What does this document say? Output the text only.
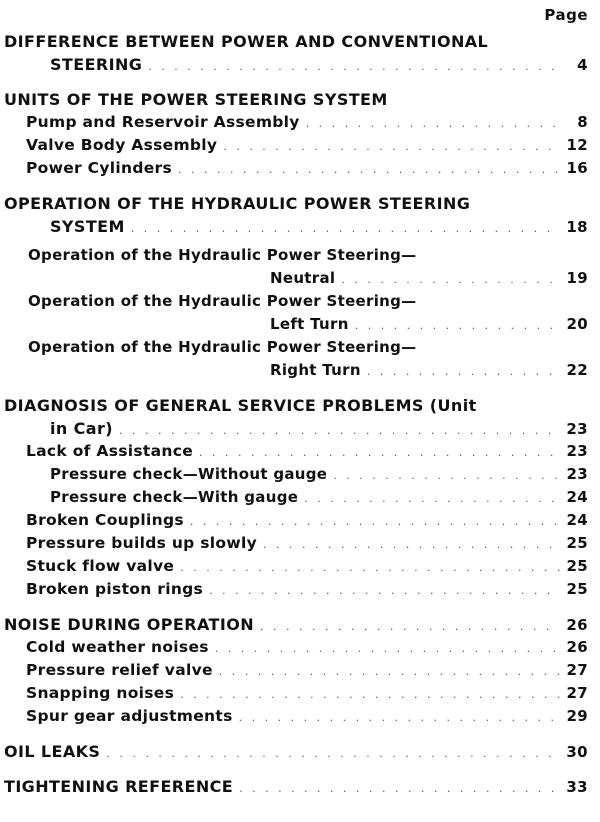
Page
DIFFERENCE BETWEEN POWER AND CONVENTIONAL
STEERING . . .	4
UNITS OF THE POWER STEERING SYSTEM
Pump and Reservoir Assembly . . .	8
Valve Body Assembly . . .	12
Power Cylinders . . .	16
OPERATION OF THE HYDRAULIC POWER STEERING
SYSTEM . . .	18
Operation of the Hydraulic Power Steering—
Neutral . . .	19
Operation of the Hydraulic Power Steering—
Left Turn . . .	20
Operation of the Hydraulic Power Steering—
Right Turn . . .	22
DIAGNOSIS OF GENERAL SERVICE PROBLEMS (Unit
in Car) . . .	23
Lack of Assistance . . .	23
Pressure check—Without gauge . . .	23
Pressure check—With gauge . . .	24
Broken Couplings . . .	24
Pressure builds up slowly . . .	25
Stuck flow valve . . .	25
Broken piston rings . . .	25
NOISE DURING OPERATION . . .	26
Cold weather noises . . .	26
Pressure relief valve . . .	27
Snapping noises . . .	27
Spur gear adjustments . . .	29
OIL LEAKS . . .	30
TIGHTENING REFERENCE . . .	33
